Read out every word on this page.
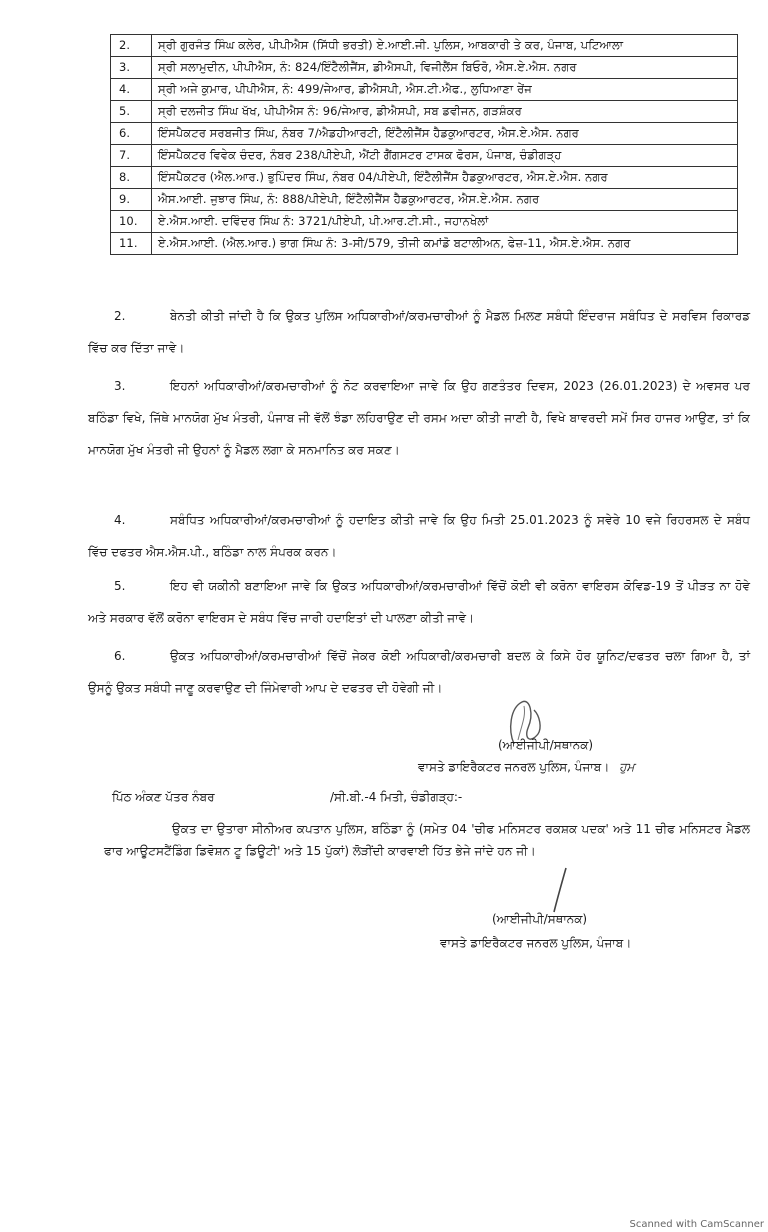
2.	ਸ੍ਰੀ ਗੁਰਜੰਤ ਸਿੰਘ ਕਲੇਰ, ਪੀਪੀਐਸ (ਸਿੱਧੀ ਭਰਤੀ) ਏ.ਆਈ.ਜੀ. ਪੁਲਿਸ, ਆਬਕਾਰੀ ਤੇ ਕਰ, ਪੰਜਾਬ, ਪਟਿਆਲਾ
3.	ਸ੍ਰੀ ਸਲਾਮੁਦੀਨ, ਪੀਪੀਐਸ, ਨੰ: 824/ਇੰਟੈਲੀਜੈਂਸ, ਡੀਐਸਪੀ, ਵਿਜੀਲੈਂਸ ਬਿਓਰੋ, ਐਸ.ਏ.ਐਸ. ਨਗਰ
4.	ਸ੍ਰੀ ਅਜੇ ਕੁਮਾਰ, ਪੀਪੀਐਸ, ਨੰ: 499/ਜੇਆਰ, ਡੀਐਸਪੀ, ਐਸ.ਟੀ.ਐਫ., ਲੁਧਿਆਣਾ ਰੇਂਜ
5.	ਸ੍ਰੀ ਦਲਜੀਤ ਸਿੰਘ ਖੱਖ, ਪੀਪੀਐਸ ਨੰ: 96/ਜੇਆਰ, ਡੀਐਸਪੀ, ਸਬ ਡਵੀਜਨ, ਗੜਸ਼ੰਕਰ
6.	ਇੰਸਪੈਕਟਰ ਸਰਬਜੀਤ ਸਿੰਘ, ਨੰਬਰ 7/ਐਡਹੀਆਰਟੀ, ਇੰਟੈਲੀਜੈਂਸ ਹੈਡਕੁਆਰਟਰ, ਐਸ.ਏ.ਐਸ. ਨਗਰ
7.	ਇੰਸਪੈਕਟਰ ਵਿਵੇਕ ਚੰਦਰ, ਨੰਬਰ 238/ਪੀਏਪੀ, ਐਂਟੀ ਗੈਂਗਸਟਰ ਟਾਸਕ ਫੋਰਸ, ਪੰਜਾਬ, ਚੰਡੀਗੜ੍ਹ
8.	ਇੰਸਪੈਕਟਰ (ਐਲ.ਆਰ.) ਭੁਪਿੰਦਰ ਸਿੰਘ, ਨੰਬਰ 04/ਪੀਏਪੀ, ਇੰਟੈਲੀਜੈਂਸ ਹੈਡਕੁਆਰਟਰ, ਐਸ.ਏ.ਐਸ. ਨਗਰ
9.	ਐਸ.ਆਈ. ਜੁਝਾਰ ਸਿੰਘ, ਨੰ: 888/ਪੀਏਪੀ, ਇੰਟੈਲੀਜੈਂਸ ਹੈਡਕੁਆਰਟਰ, ਐਸ.ਏ.ਐਸ. ਨਗਰ
10.	ਏ.ਐਸ.ਆਈ. ਦਵਿੰਦਰ ਸਿੰਘ ਨੰ: 3721/ਪੀਏਪੀ, ਪੀ.ਆਰ.ਟੀ.ਸੀ., ਜਹਾਨਖੇਲਾਂ
11.	ਏ.ਐਸ.ਆਈ. (ਐਲ.ਆਰ.) ਭਾਗ ਸਿੰਘ ਨੰ: 3-ਸੀ/579, ਤੀਜੀ ਕਮਾਂਡੋ ਬਟਾਲੀਅਨ, ਫੇਜ਼-11, ਐਸ.ਏ.ਐਸ. ਨਗਰ
2.	ਬੇਨਤੀ ਕੀਤੀ ਜਾਂਦੀ ਹੈ ਕਿ ਉਕਤ ਪੁਲਿਸ ਅਧਿਕਾਰੀਆਂ/ਕਰਮਚਾਰੀਆਂ ਨੂੰ ਮੈਡਲ ਮਿਲਣ ਸਬੰਧੀ ਇੰਦਰਾਜ ਸਬੰਧਿਤ ਦੇ ਸਰਵਿਸ ਰਿਕਾਰਡ ਵਿੱਚ ਕਰ ਦਿੱਤਾ ਜਾਵੇ।
3.	ਇਹਨਾਂ ਅਧਿਕਾਰੀਆਂ/ਕਰਮਚਾਰੀਆਂ ਨੂੰ ਨੋਟ ਕਰਵਾਇਆ ਜਾਵੇ ਕਿ ਉਹ ਗਣਤੰਤਰ ਦਿਵਸ, 2023 (26.01.2023) ਦੇ ਅਵਸਰ ਪਰ ਬਠਿੰਡਾ ਵਿਖੇ, ਜਿੱਥੇ ਮਾਨਯੋਗ ਮੁੱਖ ਮੰਤਰੀ, ਪੰਜਾਬ ਜੀ ਵੱਲੋਂ ਝੰਡਾ ਲਹਿਰਾਉਣ ਦੀ ਰਸਮ ਅਦਾ ਕੀਤੀ ਜਾਣੀ ਹੈ, ਵਿਖੇ ਬਾਵਰਦੀ ਸਮੇਂ ਸਿਰ ਹਾਜਰ ਆਉਣ, ਤਾਂ ਕਿ ਮਾਨਯੋਗ ਮੁੱਖ ਮੰਤਰੀ ਜੀ ਉਹਨਾਂ ਨੂੰ ਮੈਡਲ ਲਗਾ ਕੇ ਸਨਮਾਨਿਤ ਕਰ ਸਕਣ।
4.	ਸਬੰਧਿਤ ਅਧਿਕਾਰੀਆਂ/ਕਰਮਚਾਰੀਆਂ ਨੂੰ ਹਦਾਇਤ ਕੀਤੀ ਜਾਵੇ ਕਿ ਉਹ ਮਿਤੀ 25.01.2023 ਨੂੰ ਸਵੇਰੇ 10 ਵਜੇ ਰਿਹਰਸਲ ਦੇ ਸਬੰਧ ਵਿੱਚ ਦਫਤਰ ਐਸ.ਐਸ.ਪੀ., ਬਠਿੰਡਾ ਨਾਲ ਸੰਪਰਕ ਕਰਨ।
5.	ਇਹ ਵੀ ਯਕੀਨੀ ਬਣਾਇਆ ਜਾਵੇ ਕਿ ਉਕਤ ਅਧਿਕਾਰੀਆਂ/ਕਰਮਚਾਰੀਆਂ ਵਿੱਚੋਂ ਕੋਈ ਵੀ ਕਰੋਨਾ ਵਾਇਰਸ ਕੋਵਿਡ-19 ਤੋਂ ਪੀੜਤ ਨਾ ਹੋਵੇ ਅਤੇ ਸਰਕਾਰ ਵੱਲੋਂ ਕਰੋਨਾ ਵਾਇਰਸ ਦੇ ਸਬੰਧ ਵਿੱਚ ਜਾਰੀ ਹਦਾਇਤਾਂ ਦੀ ਪਾਲਣਾ ਕੀਤੀ ਜਾਵੇ।
6.	ਉਕਤ ਅਧਿਕਾਰੀਆਂ/ਕਰਮਚਾਰੀਆਂ ਵਿੱਚੋਂ ਜੇਕਰ ਕੋਈ ਅਧਿਕਾਰੀ/ਕਰਮਚਾਰੀ ਬਦਲ ਕੇ ਕਿਸੇ ਹੋਰ ਯੂਨਿਟ/ਦਫਤਰ ਚਲਾ ਗਿਆ ਹੈ, ਤਾਂ ਉਸਨੂੰ ਉਕਤ ਸਬੰਧੀ ਜਾਣੂ ਕਰਵਾਉਣ ਦੀ ਜਿੰਮੇਵਾਰੀ ਆਪ ਦੇ ਦਫਤਰ ਦੀ ਹੋਵੇਗੀ ਜੀ।
(ਆਈਜੀਪੀ/ਸਥਾਨਕ)
ਵਾਸਤੇ ਡਾਇਰੈਕਟਰ ਜਨਰਲ ਪੁਲਿਸ, ਪੰਜਾਬ। ਹੁਮ
ਪਿੱਠ ਅੰਕਣ ਪੱਤਰ ਨੰਬਰ	/ਸੀ.ਬੀ.-4 ਮਿਤੀ, ਚੰਡੀਗੜ੍ਹ:-
ਉਕਤ ਦਾ ਉਤਾਰਾ ਸੀਨੀਅਰ ਕਪਤਾਨ ਪੁਲਿਸ, ਬਠਿੰਡਾ ਨੂੰ (ਸਮੇਤ 04 'ਚੀਫ ਮਨਿਸਟਰ ਰਕਸ਼ਕ ਪਦਕ' ਅਤੇ 11 ਚੀਫ ਮਨਿਸਟਰ ਮੈਡਲ ਫਾਰ ਆਊਟਸਟੈਂਡਿੰਗ ਡਿਵੋਸ਼ਨ ਟੂ ਡਿਊਟੀ' ਅਤੇ 15 ਪੁੱਕਾਂ) ਲੋੜੀਂਦੀ ਕਾਰਵਾਈ ਹਿੱਤ ਭੇਜੇ ਜਾਂਦੇ ਹਨ ਜੀ।
(ਆਈਜੀਪੀ/ਸਥਾਨਕ)
ਵਾਸਤੇ ਡਾਇਰੈਕਟਰ ਜਨਰਲ ਪੁਲਿਸ, ਪੰਜਾਬ।
Scanned with CamScanner
